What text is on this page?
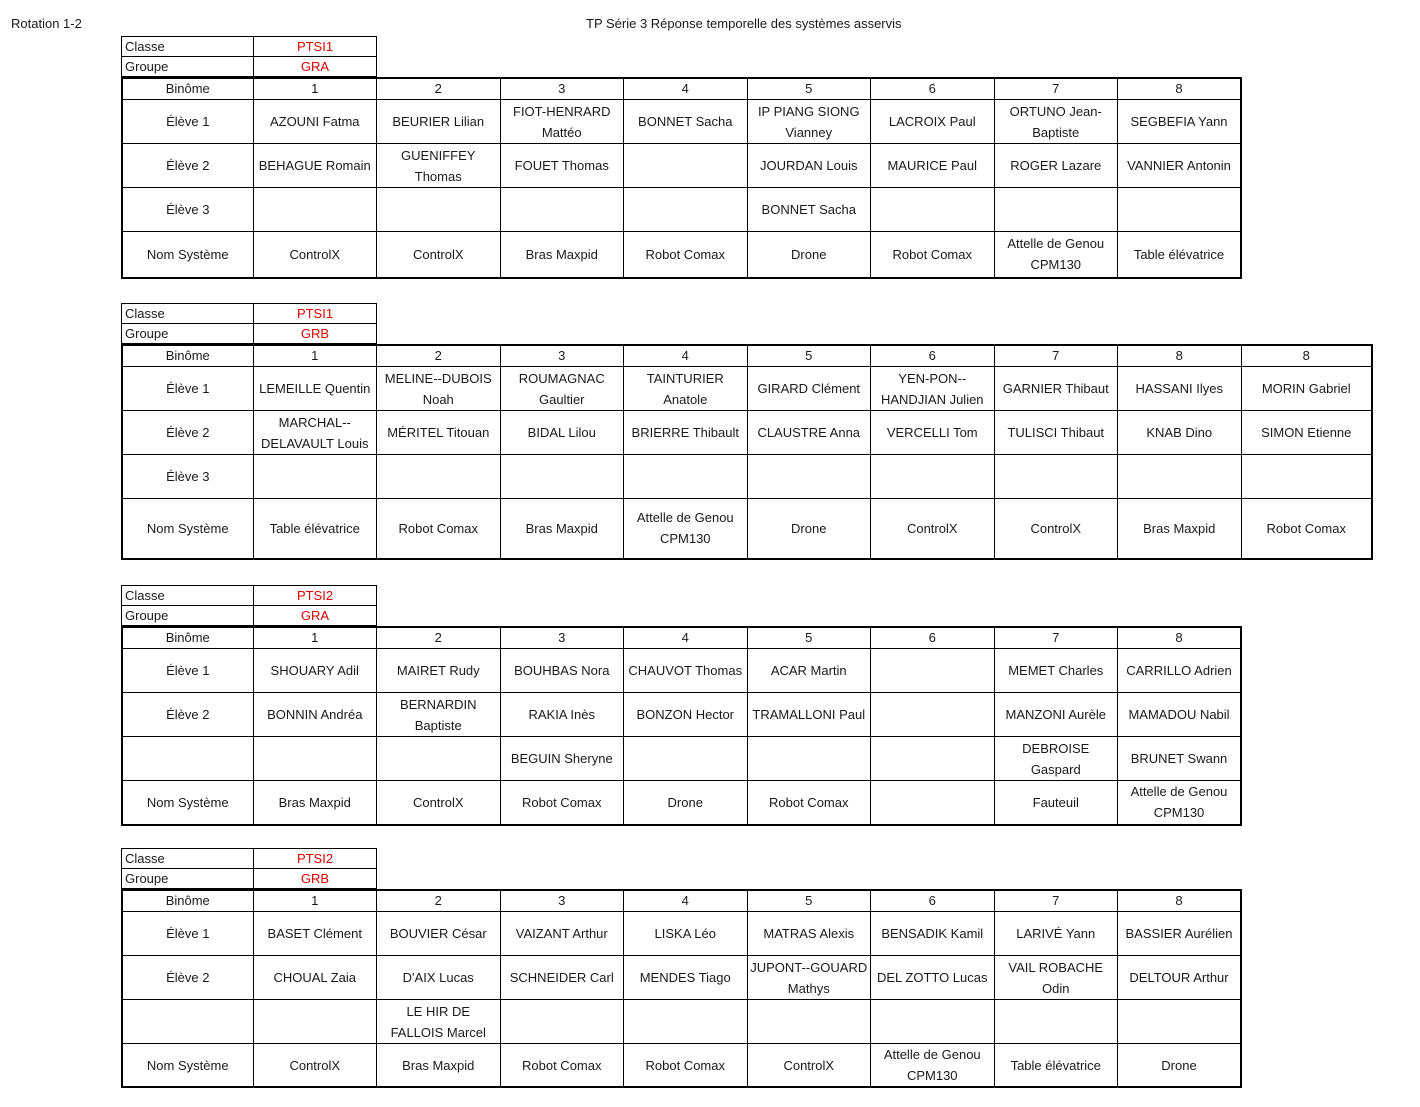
Rotation 1-2	TP Série 3 Réponse temporelle des systèmes asservis
Classe	PTSI1
Groupe	GRA
Binôme	1	2	3	4	5	6	7	8
Élève 1	AZOUNI Fatma	BEURIER Lilian	FIOT-HENRARD Mattéo	BONNET Sacha	IP PIANG SIONG Vianney	LACROIX Paul	ORTUNO Jean-Baptiste	SEGBEFIA Yann
Élève 2	BEHAGUE Romain	GUENIFFEY Thomas	FOUET Thomas		JOURDAN Louis	MAURICE Paul	ROGER Lazare	VANNIER Antonin
Élève 3					BONNET Sacha			
Nom Système	ControlX	ControlX	Bras Maxpid	Robot Comax	Drone	Robot Comax	Attelle de Genou CPM130	Table élévatrice
Classe	PTSI1
Groupe	GRB
Binôme	1	2	3	4	5	6	7	8	8
Élève 1	LEMEILLE Quentin	MELINE--DUBOIS Noah	ROUMAGNAC Gaultier	TAINTURIER Anatole	GIRARD Clément	YEN-PON--HANDJIAN Julien	GARNIER Thibaut	HASSANI Ilyes	MORIN Gabriel
Élève 2	MARCHAL--DELAVAULT Louis	MÉRITEL Titouan	BIDAL Lilou	BRIERRE Thibault	CLAUSTRE Anna	VERCELLI Tom	TULISCI Thibaut	KNAB Dino	SIMON Etienne
Élève 3									
Nom Système	Table élévatrice	Robot Comax	Bras Maxpid	Attelle de Genou CPM130	Drone	ControlX	ControlX	Bras Maxpid	Robot Comax
Classe	PTSI2
Groupe	GRA
Binôme	1	2	3	4	5	6	7	8
Élève 1	SHOUARY Adil	MAIRET Rudy	BOUHBAS Nora	CHAUVOT Thomas	ACAR Martin		MEMET Charles	CARRILLO Adrien
Élève 2	BONNIN Andréa	BERNARDIN Baptiste	RAKIA Inès	BONZON Hector	TRAMALLONI Paul		MANZONI Aurèle	MAMADOU Nabil
			BEGUIN Sheryne				DEBROISE Gaspard	BRUNET Swann
Nom Système	Bras Maxpid	ControlX	Robot Comax	Drone	Robot Comax		Fauteuil	Attelle de Genou CPM130
Classe	PTSI2
Groupe	GRB
Binôme	1	2	3	4	5	6	7	8
Élève 1	BASET Clément	BOUVIER César	VAIZANT Arthur	LISKA Léo	MATRAS Alexis	BENSADIK Kamil	LARIVÉ Yann	BASSIER Aurélien
Élève 2	CHOUAL Zaia	D'AIX Lucas	SCHNEIDER Carl	MENDES Tiago	JUPONT--GOUARD Mathys	DEL ZOTTO Lucas	VAIL ROBACHE Odin	DELTOUR Arthur
		LE HIR DE FALLOIS Marcel						
Nom Système	ControlX	Bras Maxpid	Robot Comax	Robot Comax	ControlX	Attelle de Genou CPM130	Table élévatrice	Drone
